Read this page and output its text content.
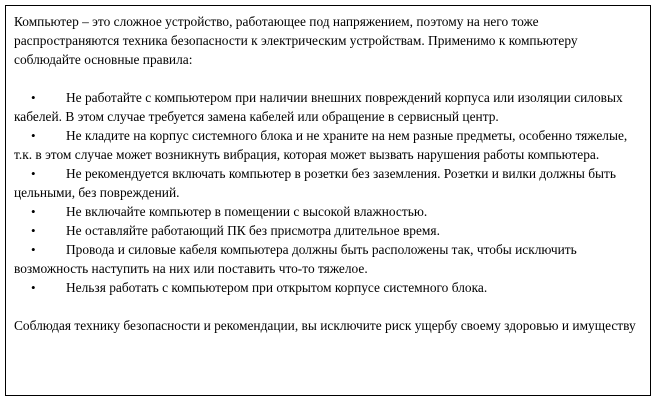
Компьютер – это сложное устройство, работающее под напряжением, поэтому на него тоже распространяются техника безопасности к электрическим устройствам. Применимо к компьютеру соблюдайте основные правила:

• Не работайте с компьютером при наличии внешних повреждений корпуса или изоляции силовых кабелей. В этом случае требуется замена кабелей или обращение в сервисный центр.
• Не кладите на корпус системного блока и не храните на нем разные предметы, особенно тяжелые, т.к. в этом случае может возникнуть вибрация, которая может вызвать нарушения работы компьютера.
• Не рекомендуется включать компьютер в розетки без заземления. Розетки и вилки должны быть цельными, без повреждений.
• Не включайте компьютер в помещении с высокой влажностью.
• Не оставляйте работающий ПК без присмотра длительное время.
• Провода и силовые кабеля компьютера должны быть расположены так, чтобы исключить возможность наступить на них или поставить что-то тяжелое.
• Нельзя работать с компьютером при открытом корпусе системного блока.

Соблюдая технику безопасности и рекомендации, вы исключите риск ущербу своему здоровью и имуществу
